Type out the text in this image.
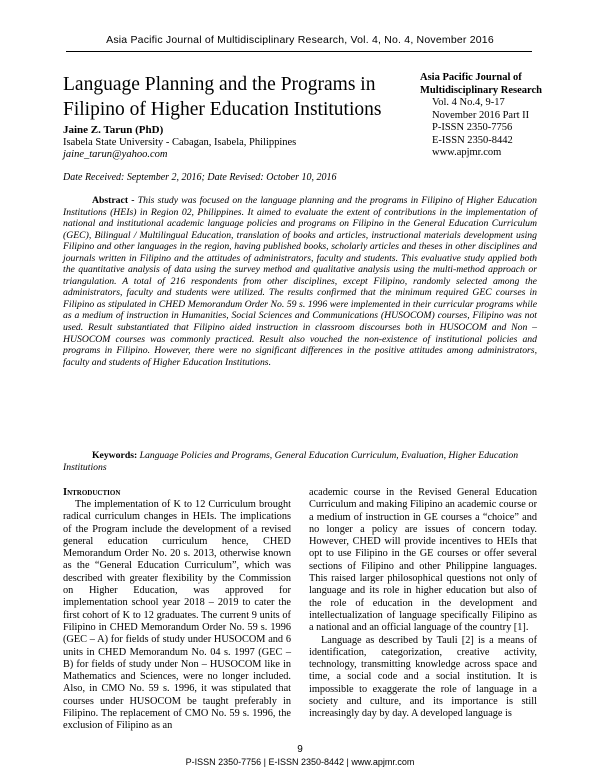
Asia Pacific Journal of Multidisciplinary Research, Vol. 4, No. 4, November 2016
Language Planning and the Programs in
Filipino of Higher Education Institutions
Jaine Z. Tarun (PhD)
Isabela State University - Cabagan, Isabela, Philippines
jaine_tarun@yahoo.com
Asia Pacific Journal of
Multidisciplinary Research
Vol. 4 No.4, 9-17
November 2016 Part II
P-ISSN 2350-7756
E-ISSN 2350-8442
www.apjmr.com
Date Received: September 2, 2016; Date Revised: October 10, 2016
Abstract - This study was focused on the language planning and the programs in Filipino of Higher Education Institutions (HEIs) in Region 02, Philippines. It aimed to evaluate the extent of contributions in the implementation of national and institutional academic language policies and programs on Filipino in the General Education Curriculum (GEC), Bilingual / Multilingual Education, translation of books and articles, instructional materials development using Filipino and other languages in the region, having published books, scholarly articles and theses in other disciplines and journals written in Filipino and the attitudes of administrators, faculty and students. This evaluative study applied both the quantitative analysis of data using the survey method and qualitative analysis using the multi-method approach or triangulation. A total of 216 respondents from other disciplines, except Filipino, randomly selected among the administrators, faculty and students were utilized. The results confirmed that the minimum required GEC courses in Filipino as stipulated in CHED Memorandum Order No. 59 s. 1996 were implemented in their curricular programs while as a medium of instruction in Humanities, Social Sciences and Communications (HUSOCOM) courses, Filipino was not used. Result substantiated that Filipino aided instruction in classroom discourses both in HUSOCOM and Non – HUSOCOM courses was commonly practiced. Result also vouched the non-existence of institutional policies and programs in Filipino. However, there were no significant differences in the positive attitudes among administrators, faculty and students of Higher Education Institutions.
Keywords: Language Policies and Programs, General Education Curriculum, Evaluation, Higher Education Institutions
Introduction

The implementation of K to 12 Curriculum brought radical curriculum changes in HEIs. The implications of the Program include the development of a revised general education curriculum hence, CHED Memorandum Order No. 20 s. 2013, otherwise known as the “General Education Curriculum”, which was described with greater flexibility by the Commission on Higher Education, was approved for implementation school year 2018 – 2019 to cater the first cohort of K to 12 graduates. The current 9 units of Filipino in CHED Memorandum Order No. 59 s. 1996 (GEC – A) for fields of study under HUSOCOM and 6 units in CHED Memorandum No. 04 s. 1997 (GEC – B) for fields of study under Non – HUSOCOM like in Mathematics and Sciences, were no longer included. Also, in CMO No. 59 s. 1996, it was stipulated that courses under HUSOCOM be taught preferably in Filipino. The replacement of CMO No. 59 s. 1996, the exclusion of Filipino as an

academic course in the Revised General Education Curriculum and making Filipino an academic course or a medium of instruction in GE courses a “choice” and no longer a policy are issues of concern today. However, CHED will provide incentives to HEIs that opt to use Filipino in the GE courses or offer several sections of Filipino and other Philippine languages. This raised larger philosophical questions not only of language and its role in higher education but also of the role of education in the development and intellectualization of language specifically Filipino as a national and an official language of the country [1].

Language as described by Tauli [2] is a means of identification, categorization, creative activity, technology, transmitting knowledge across space and time, a social code and a social institution. It is impossible to exaggerate the role of language in a society and culture, and its importance is still increasingly day by day. A developed language is

9
P-ISSN 2350-7756 | E-ISSN 2350-8442 | www.apjmr.com
